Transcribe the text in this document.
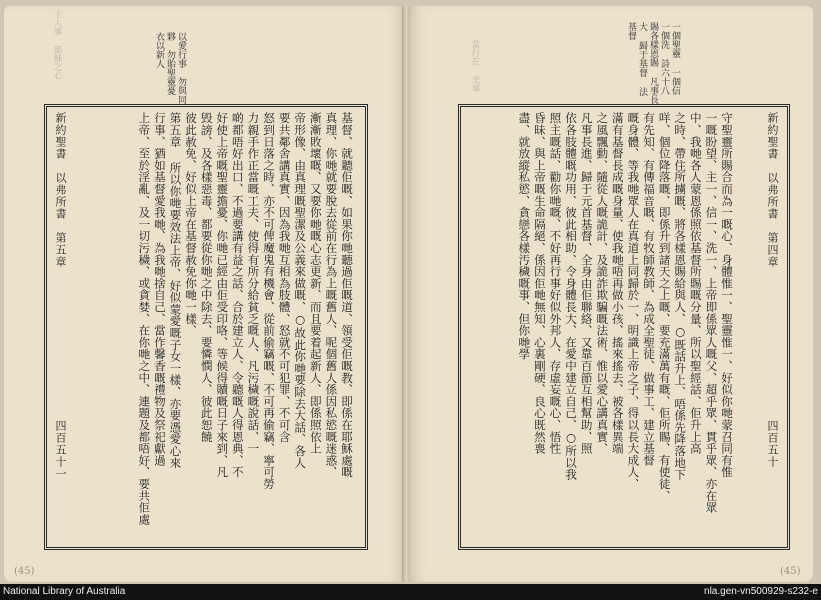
主人事 耶穌之心	以愛行事　勿與同夥　勿貽聖靈憂　衣以新人
基督、就聽佢嘅、如果你哋聽過佢嘅道、領受佢嘅教、即係在耶穌處嘅
真理、你哋就要脫去從前在行為上嘅舊人、呢個舊人係因私慾嘅迷惑、
漸漸敗壞嘅、又要你哋嘅心志更新、而且要着起新人、即係照依上
帝形像、由真理嘅聖潔及公義來做嘅、○故此你哋要除去大話、各人
要共鄰舍講真實、因為我哋互相為肢體、怒就不可犯罪、不可含
怒到日落之時、亦不可俾魔鬼有機會、從前偷竊嘅、不可再偷竊、寧可勞
力親手作正當嘅工夫、使得有所分給貧乏嘅人、凡污穢嘅說話、一
啲都唔好出口、不過要講有益之話、合於建立人、令聽嘅人得恩典、不
好使上帝嘅聖靈擔憂、你哋已經由佢受印咯、等候得贖嘅日子來到、凡
毁謗、及各樣惡毒、都要從你哋之中除去、要憐憫人、彼此恕饒
彼此赦免、好似上帝在基督赦免你哋一樣、
第五章 所以你哋要效法上帝、好似蒙愛嘅子女一樣、亦要憑愛心來
行事、猶如基督愛我哋、為我哋捨自己、當作馨香嘅禮物及祭祀獻過
上帝、至於淫亂、及一切污穢、或貪婪、在你哋之中、連題及都唔好、要共佢處
新約聖書　以弗所書　第五章
四百五十一
當行在 美事	一個聖靈 一個信 一個洗 詩六十八 賜各樣恩賜 凡事長大 歸于基督 法 基督
守聖靈所賜合而為一嘅心、身體惟一、聖靈惟一、好似你哋蒙召同有惟
一嘅盼望、主一、信一、洗一、上帝即係眾人嘅父、超乎眾、貫乎眾、亦在眾
中、我哋各人蒙恩係照依基督所賜嘅分量、所以聖經話、佢升上高
之時、帶住所擄嘅、將各樣恩賜給與人、○既話升上、唔係先降落地下
咩、個位降落嘅、即係升到諸天之上嘅、要充滿萬有嘅、佢所賜、有使徒、
有先知、有傳福音嘅、有牧師教師、為成全聖徒、做事工、建立基督
嘅身體、等我哋眾人在真道上同歸於一、明識上帝之子、得以長大成人、
滿有基督長成嘅身量、使我哋唔再做小孩、搖來搖去、被各樣異端
之風飄動、隨從人嘅詭計、及詭詐欺騙嘅法術、惟以愛心講真實、
凡事長進、歸于元首基督、全身由佢聯絡、又靠百節互相幫助、照
依各肢體嘅功用、彼此相助、令身體長大、在愛中建立自己、○所以我
照主嘅話、勸你哋嘅、不好再行事好似外邦人、存虛妄嘅心、悟性
昏昧、與上帝嘅生命隔絕、係因佢哋無知、心裏剛硬、良心既然喪
盡、就放縱私慾、貪戀各樣汚穢嘅事、但你哋學	新約聖書　以弗所書　第四章
四百五十
(45)	(45)
National Library of Australia	nla.gen-vn500929-s232-e
